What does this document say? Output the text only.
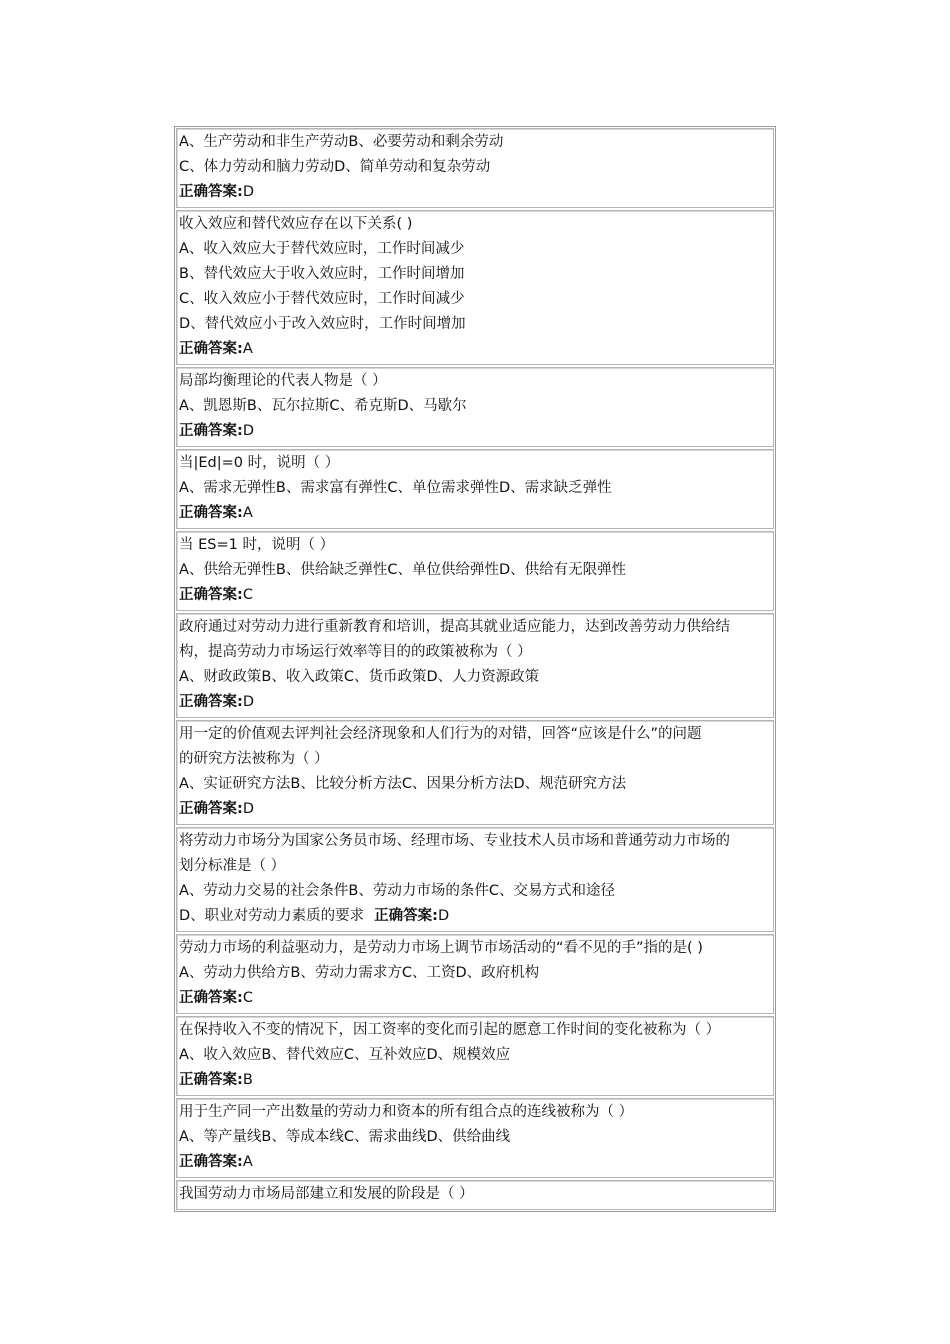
A、生产劳动和非生产劳动B、必要劳动和剩余劳动
C、体力劳动和脑力劳动D、简单劳动和复杂劳动
正确答案:D
收入效应和替代效应存在以下关系( )
A、收入效应大于替代效应时，工作时间减少
B、替代效应大于收入效应时，工作时间增加
C、收入效应小于替代效应时，工作时间减少
D、替代效应小于改入效应时，工作时间增加
正确答案:A
局部均衡理论的代表人物是（ ）
A、凯恩斯B、瓦尔拉斯C、希克斯D、马歇尔
正确答案:D
当|Ed|=0 时，说明（ ）
A、需求无弹性B、需求富有弹性C、单位需求弹性D、需求缺乏弹性
正确答案:A
当 ES=1 时，说明（ ）
A、供给无弹性B、供给缺乏弹性C、单位供给弹性D、供给有无限弹性
正确答案:C
政府通过对劳动力进行重新教育和培训，提高其就业适应能力，达到改善劳动力供给结
构，提高劳动力市场运行效率等目的的政策被称为（ ）
A、财政政策B、收入政策C、货币政策D、人力资源政策
正确答案:D
用一定的价值观去评判社会经济现象和人们行为的对错，回答“应该是什么”的问题
的研究方法被称为（ ）
A、实证研究方法B、比较分析方法C、因果分析方法D、规范研究方法
正确答案:D
将劳动力市场分为国家公务员市场、经理市场、专业技术人员市场和普通劳动力市场的
划分标准是（ ）
A、劳动力交易的社会条件B、劳动力市场的条件C、交易方式和途径
D、职业对劳动力素质的要求 正确答案:D
劳动力市场的利益驱动力，是劳动力市场上调节市场活动的“看不见的手”指的是( )
A、劳动力供给方B、劳动力需求方C、工资D、政府机构
正确答案:C
在保持收入不变的情况下，因工资率的变化而引起的愿意工作时间的变化被称为（ ）
A、收入效应B、替代效应C、互补效应D、规模效应
正确答案:B
用于生产同一产出数量的劳动力和资本的所有组合点的连线被称为（ ）
A、等产量线B、等成本线C、需求曲线D、供给曲线
正确答案:A
我国劳动力市场局部建立和发展的阶段是（ ）
